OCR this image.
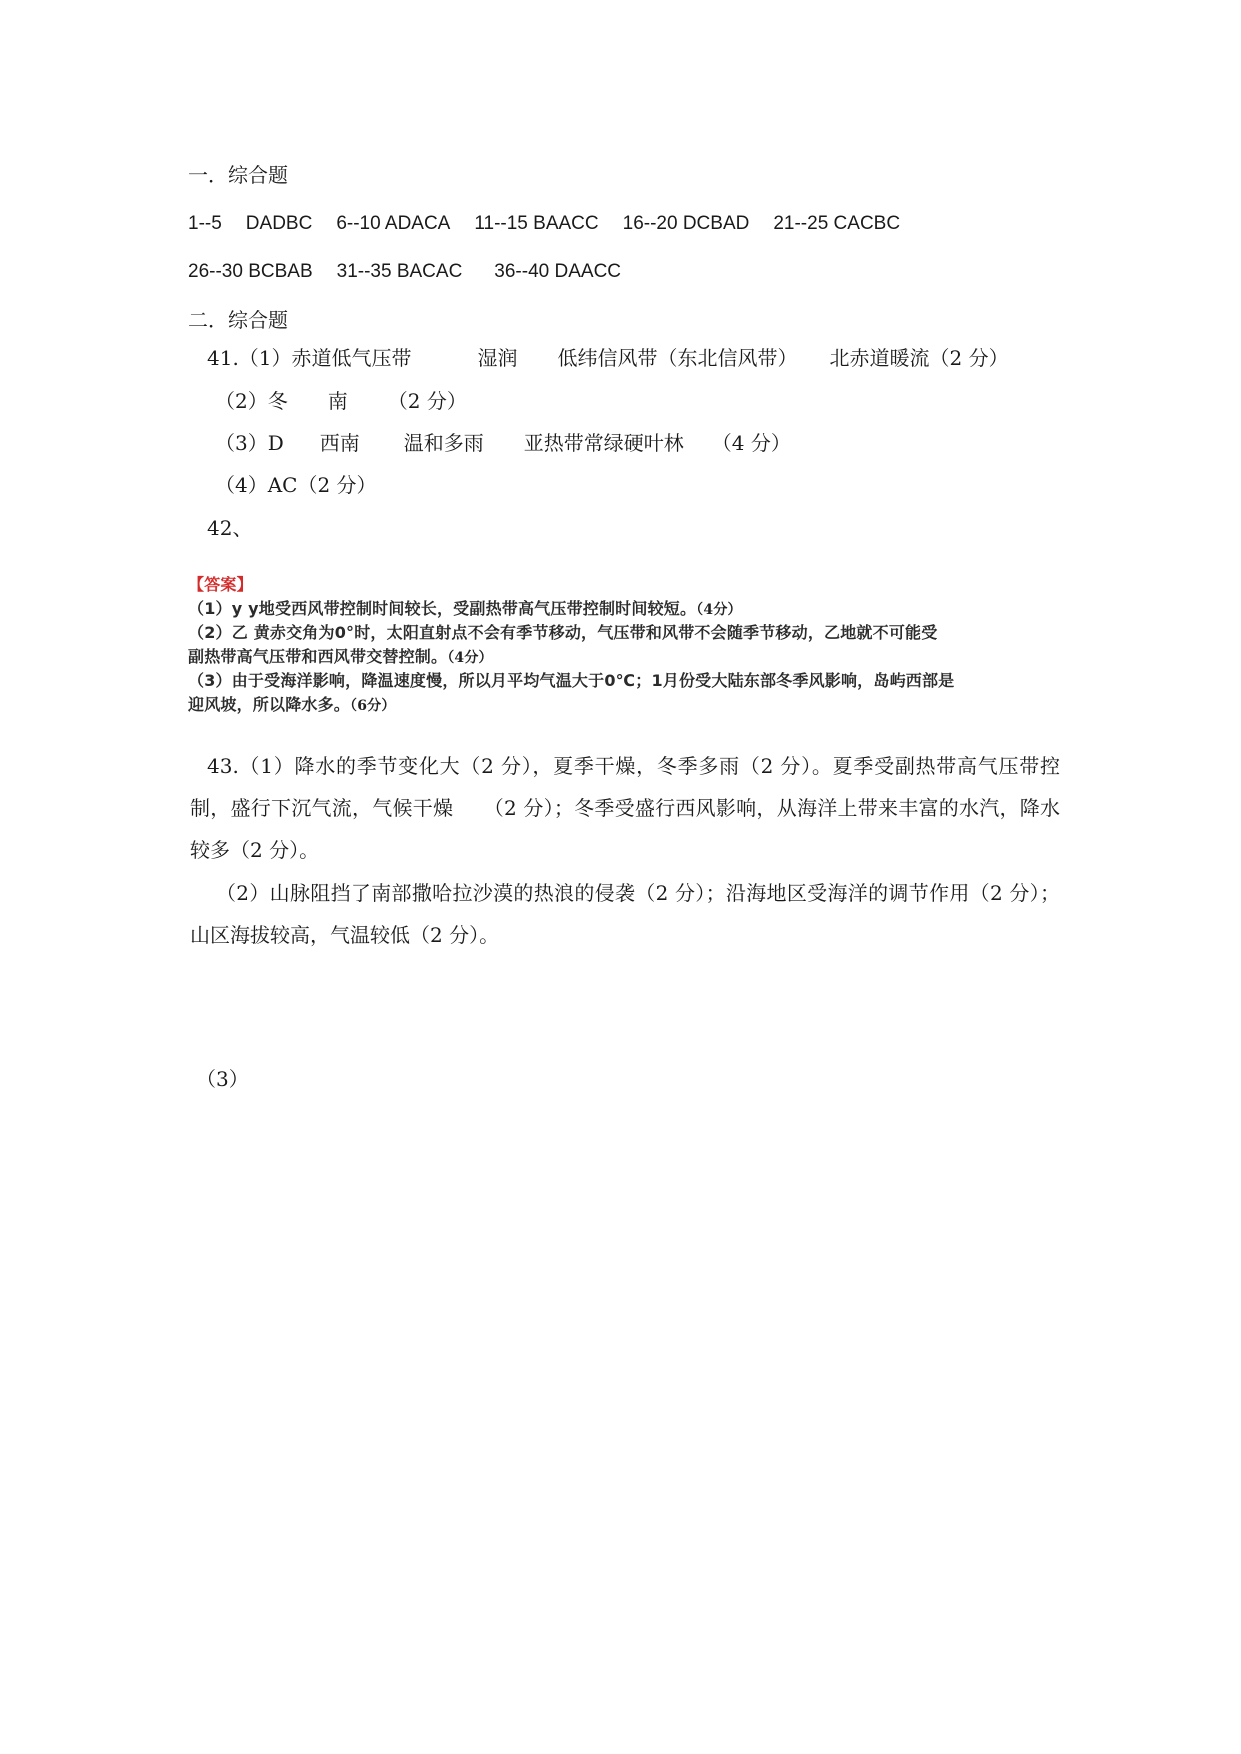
一．综合题
1--5 DADBC 6--10 ADACA 11--15 BAACC 16--20 DCBAD 21--25 CACBC
26--30 BCBAB 31--35 BACAC 36--40 DAACC
二．综合题
41.（1）赤道低气压带	湿润 低纬信风带（东北信风带） 北赤道暖流（2 分）
（2）冬 南 （2 分）
（3）D 西南 温和多雨 亚热带常绿硬叶林 （4 分）
（4）AC（2 分）
42、
【答案】
（1）y y地受西风带控制时间较长，受副热带高气压带控制时间较短。（4分）
（2）乙 黄赤交角为0°时，太阳直射点不会有季节移动，气压带和风带不会随季节移动，乙地就不可能受
副热带高气压带和西风带交替控制。（4分）
（3）由于受海洋影响，降温速度慢，所以月平均气温大于0℃；1月份受大陆东部冬季风影响，岛屿西部是
迎风坡，所以降水多。（6分）
43.（1）降水的季节变化大（2 分），夏季干燥，冬季多雨（2 分）。夏季受副热带高气压带控制，盛行下沉气流，气候干燥　　（2 分）；冬季受盛行西风影响，从海洋上带来丰富的水汽，降水较多（2 分）。
（2）山脉阻挡了南部撒哈拉沙漠的热浪的侵袭（2 分）；沿海地区受海洋的调节作用（2 分）；山区海拔较高，气温较低（2 分）。
（3）
